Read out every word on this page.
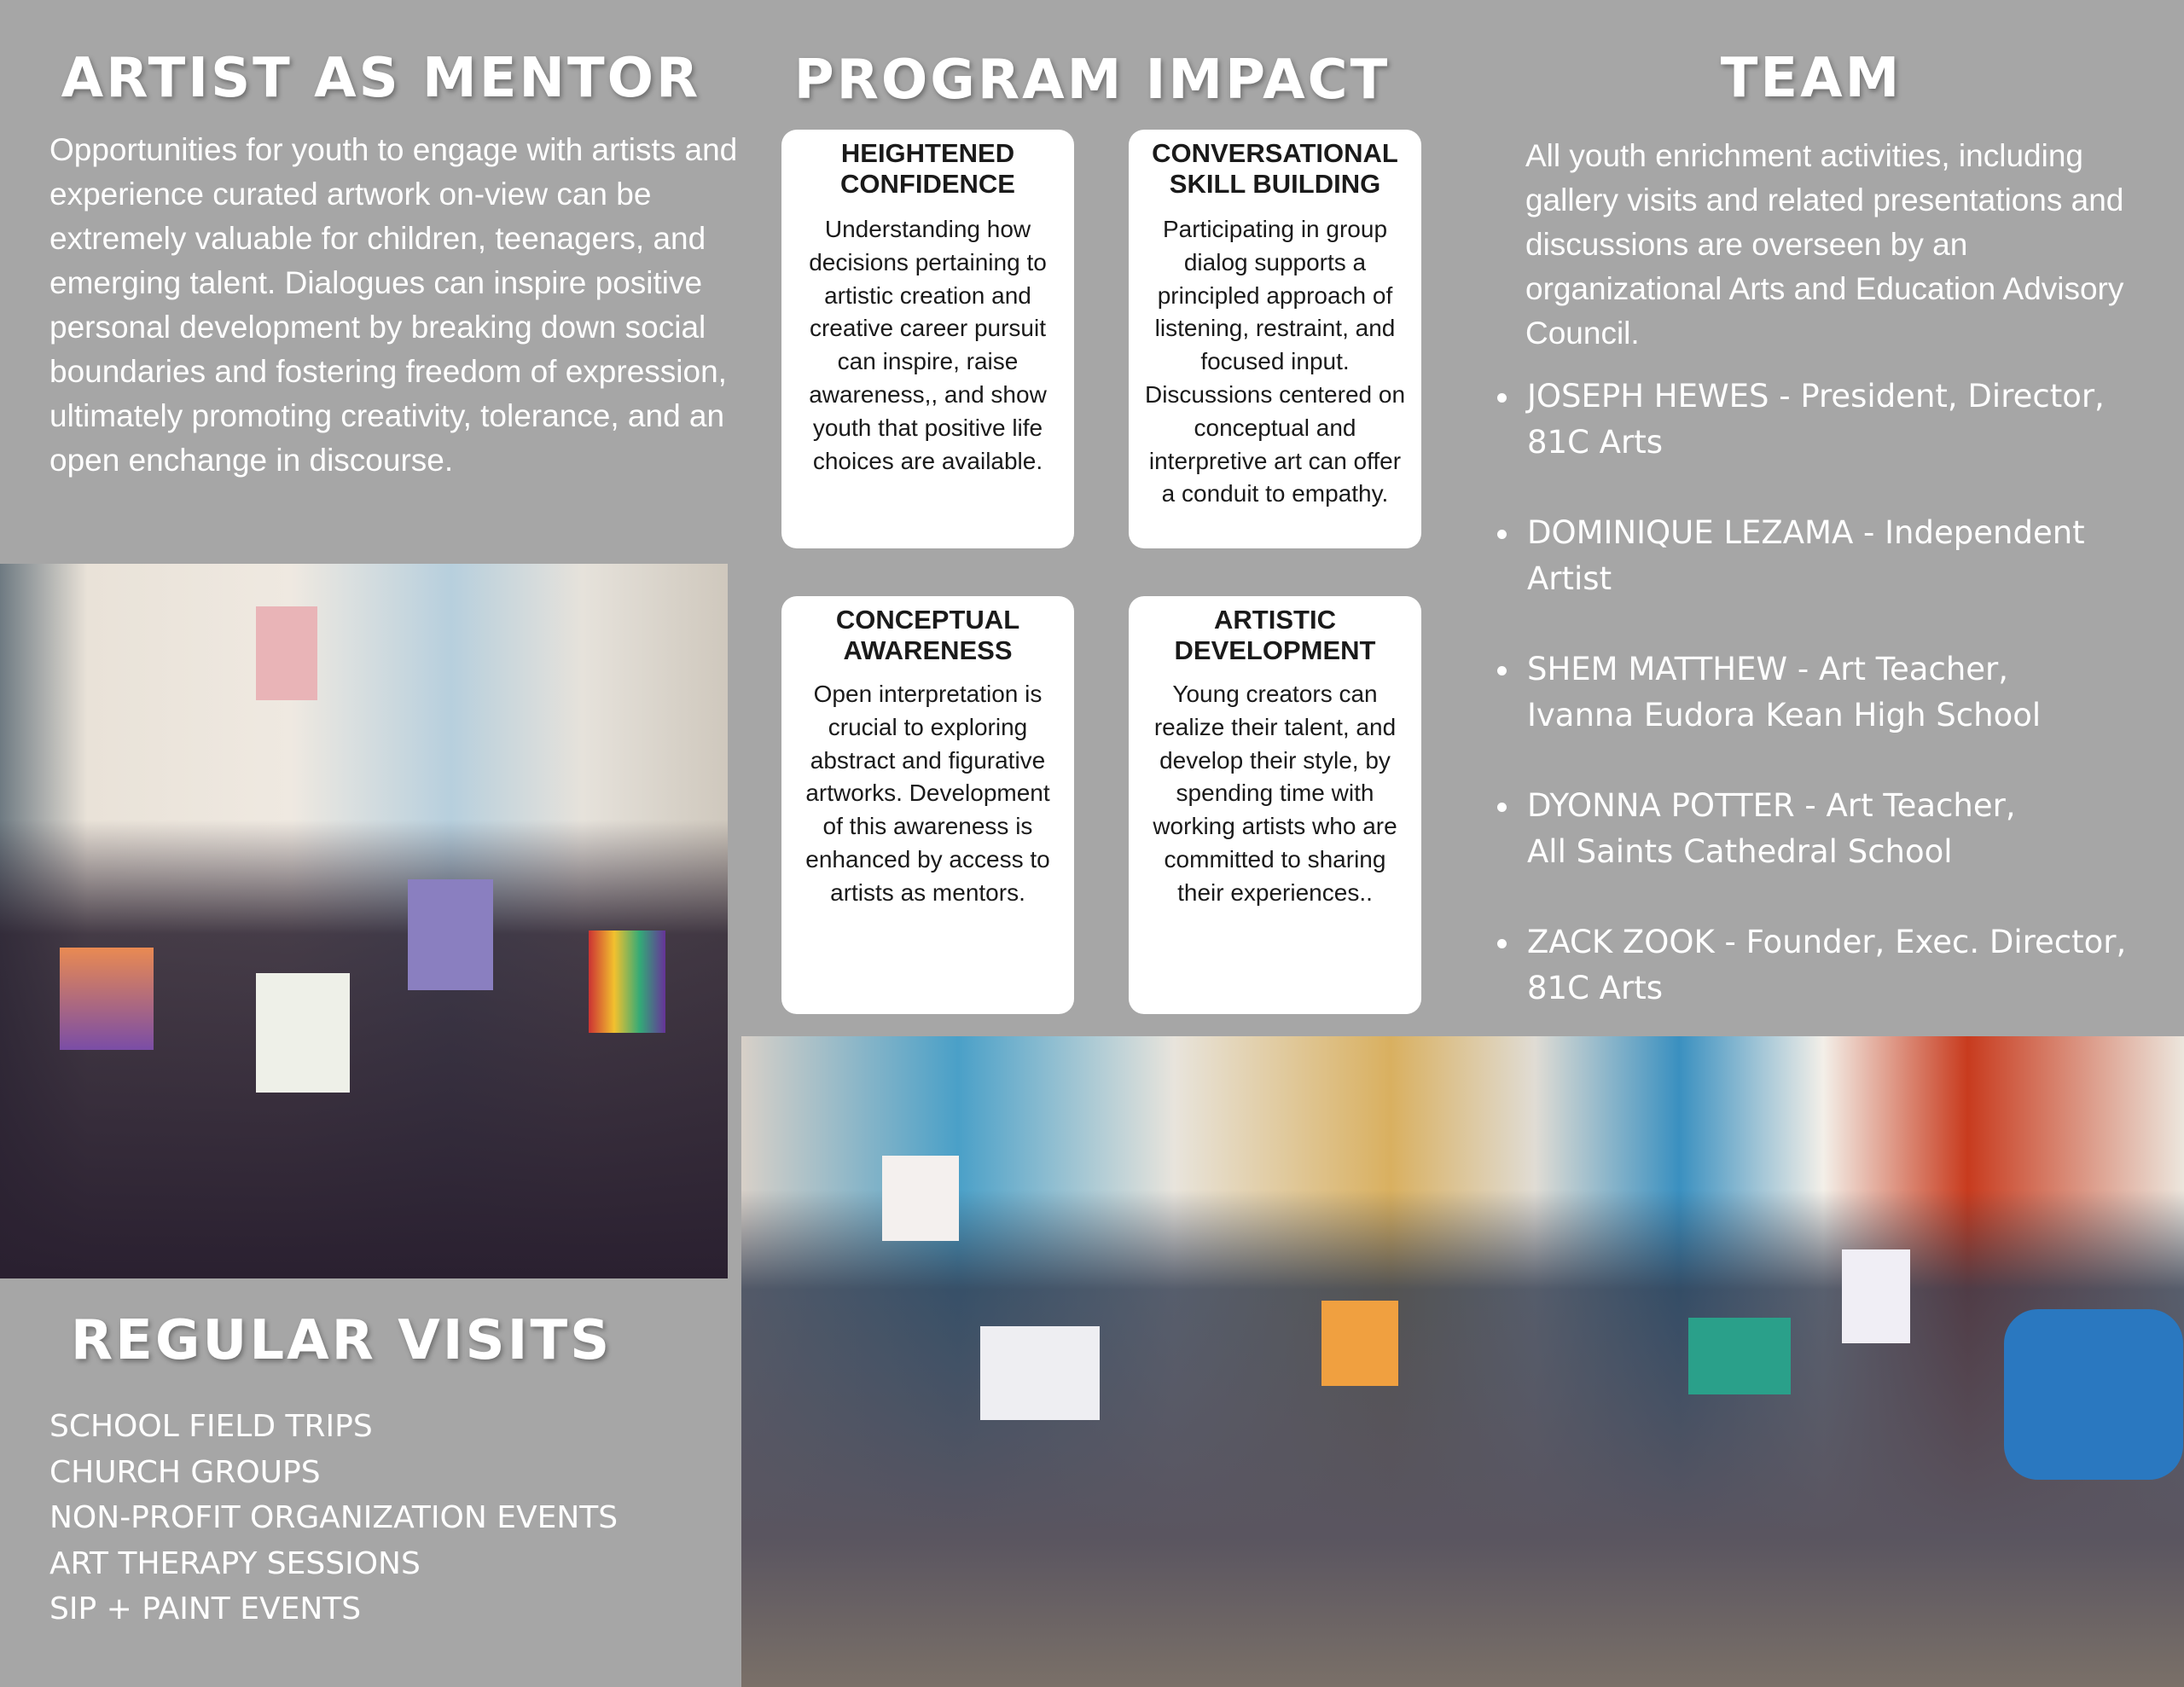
ARTIST AS MENTOR
Opportunities for youth to engage with artists and experience curated artwork on-view can be extremely valuable for children, teenagers, and emerging talent. Dialogues can inspire positive personal development by breaking down social boundaries and fostering freedom of expression, ultimately promoting creativity, tolerance, and an open enchange in discourse.
REGULAR VISITS
SCHOOL FIELD TRIPS
CHURCH GROUPS
NON-PROFIT ORGANIZATION EVENTS
ART THERAPY SESSIONS
SIP + PAINT EVENTS
PROGRAM IMPACT
HEIGHTENED CONFIDENCE

Understanding how decisions pertaining to artistic creation and creative career pursuit can inspire, raise awareness,, and show youth that positive life choices are available.

CONVERSATIONAL SKILL BUILDING

Participating in group dialog supports a principled approach of listening, restraint, and focused input. Discussions centered on conceptual and interpretive art can offer a conduit to empathy.

CONCEPTUAL AWARENESS

Open interpretation is crucial to exploring abstract and figurative artworks. Development of this awareness is enhanced by access to artists as mentors.

ARTISTIC DEVELOPMENT

Young creators can realize their talent, and develop their style, by spending time with working artists who are committed to sharing their experiences..

TEAM
All youth enrichment activities, including gallery visits and related presentations and discussions are overseen by an organizational Arts and Education Advisory Council.
JOSEPH HEWES - President, Director,
81C Arts
DOMINIQUE LEZAMA - Independent
Artist
SHEM MATTHEW - Art Teacher,
Ivanna Eudora Kean High School
DYONNA POTTER - Art Teacher,
All Saints Cathedral School
ZACK ZOOK - Founder, Exec. Director,
81C Arts
